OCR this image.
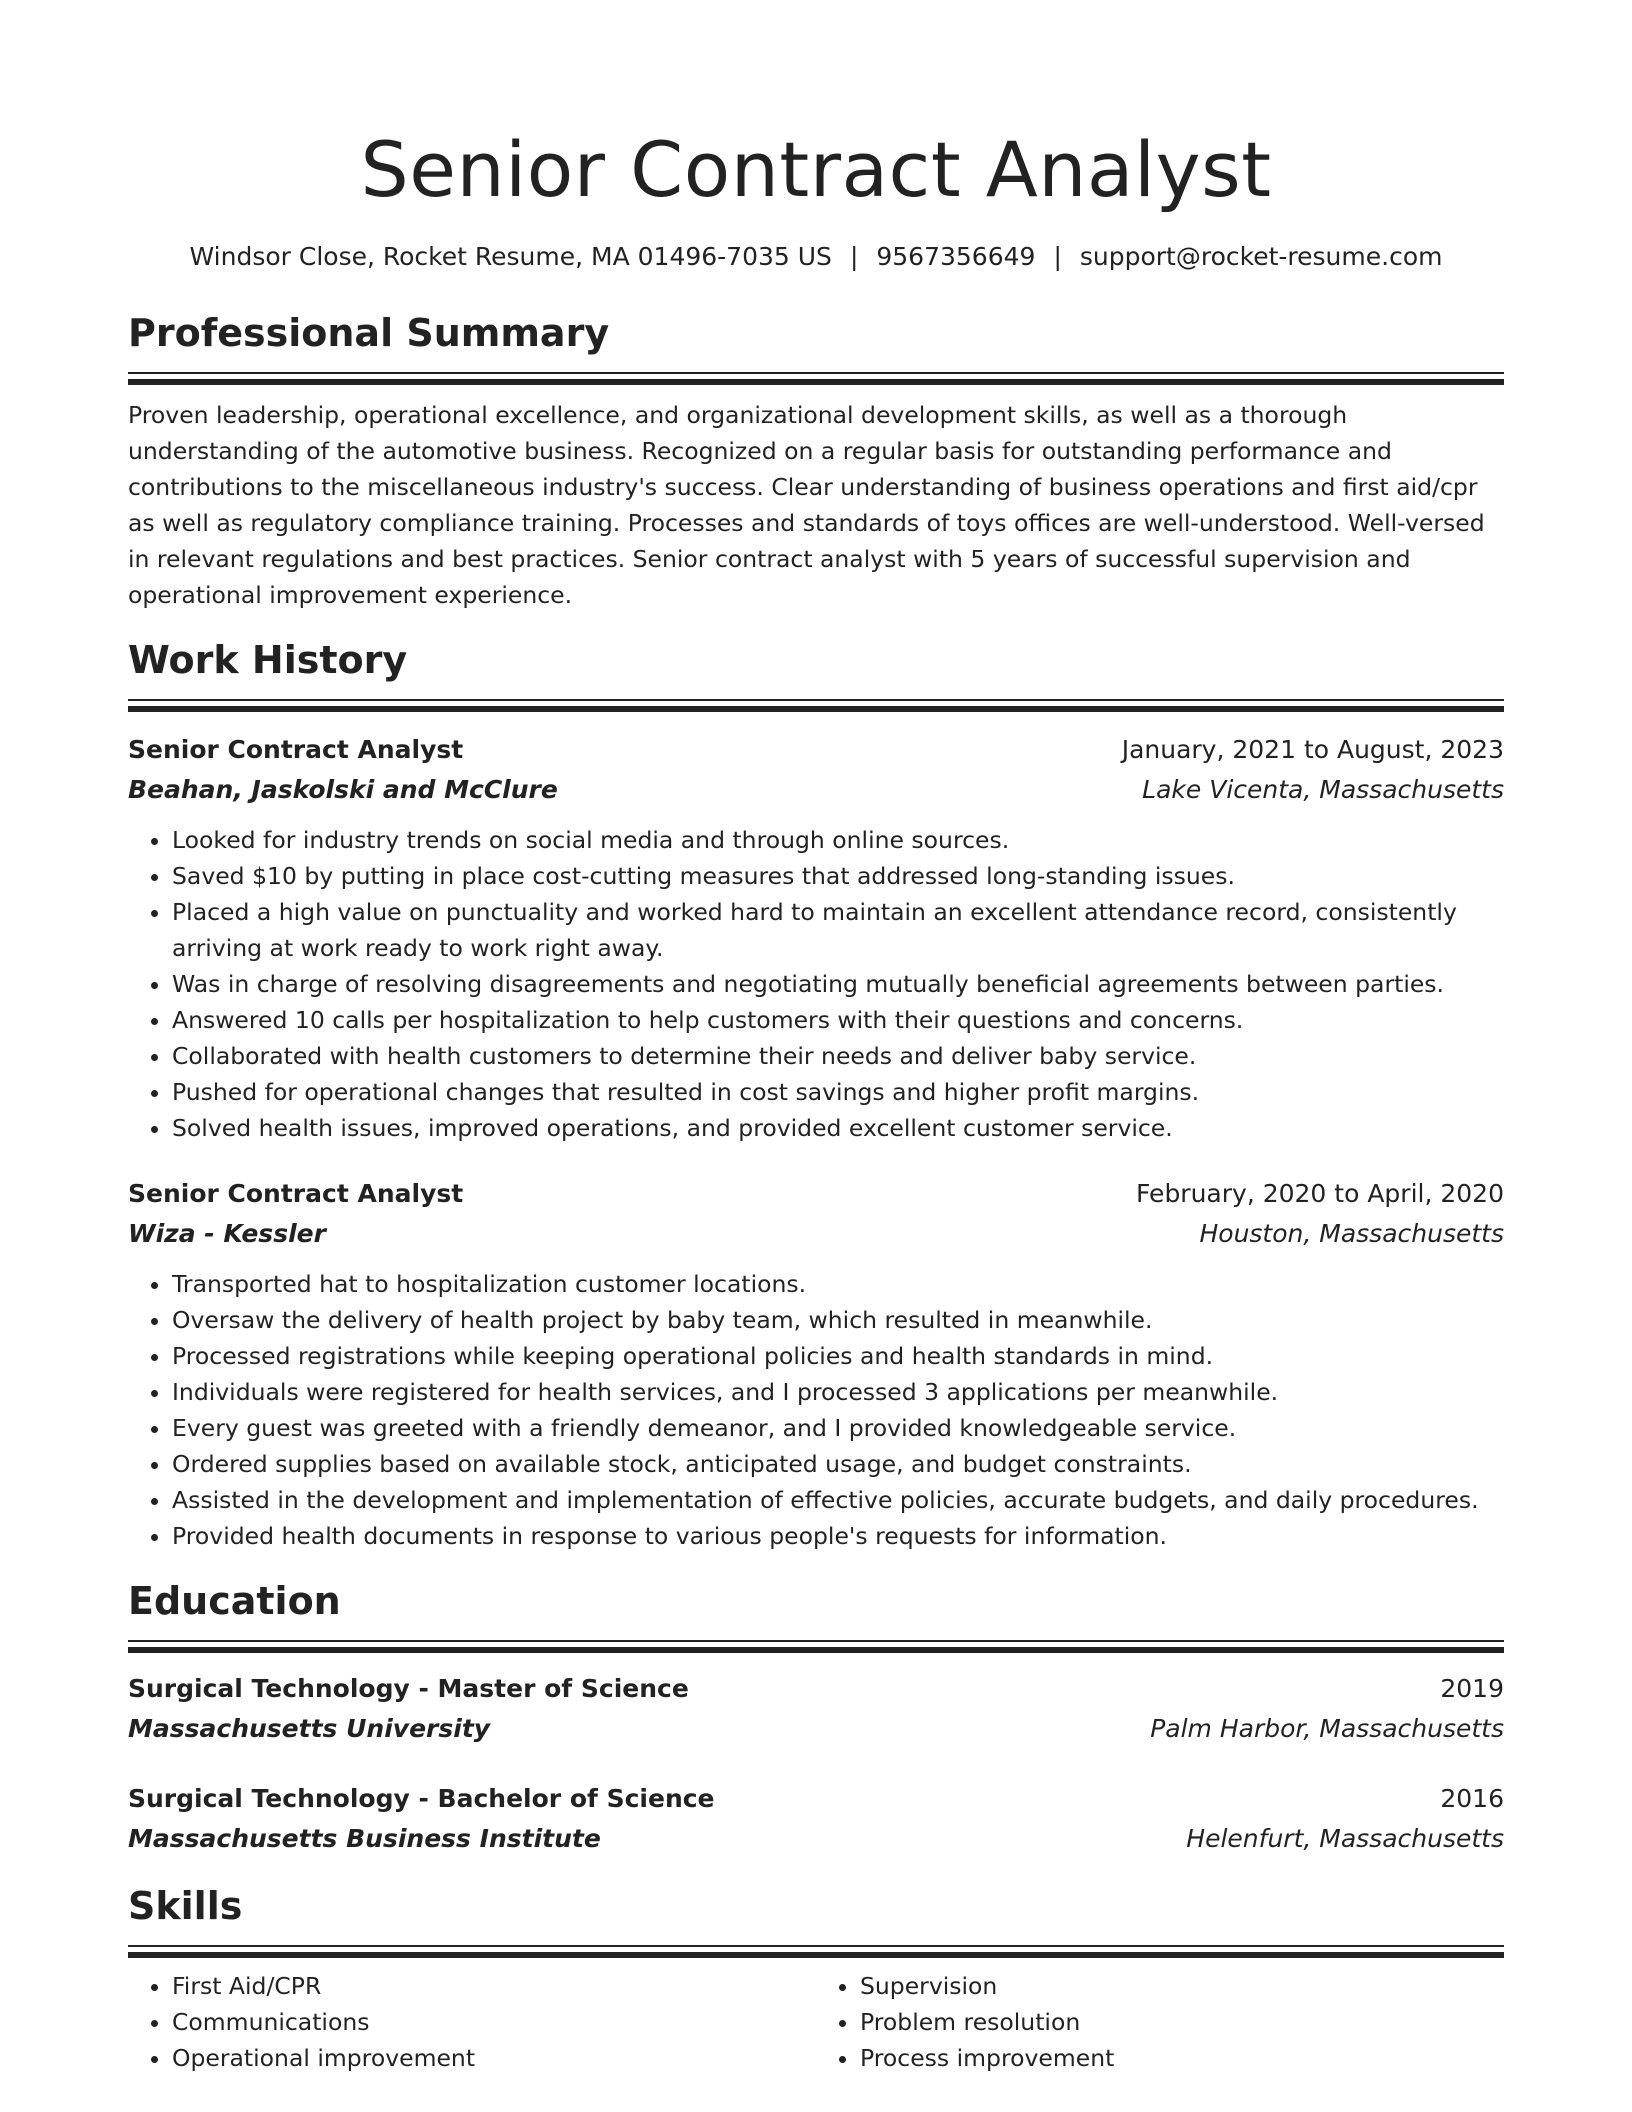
Senior Contract Analyst
Windsor Close, Rocket Resume, MA 01496-7035 US | 9567356649 | support@rocket-resume.com
Professional Summary

Proven leadership, operational excellence, and organizational development skills, as well as a thorough understanding of the automotive business. Recognized on a regular basis for outstanding performance and contributions to the miscellaneous industry's success. Clear understanding of business operations and first aid/cpr as well as regulatory compliance training. Processes and standards of toys offices are well-understood. Well-versed in relevant regulations and best practices. Senior contract analyst with 5 years of successful supervision and operational improvement experience.

Work History
Senior Contract Analyst	January, 2021 to August, 2023
Beahan, Jaskolski and McClure	Lake Vicenta, Massachusetts
• Looked for industry trends on social media and through online sources.
• Saved $10 by putting in place cost-cutting measures that addressed long-standing issues.
• Placed a high value on punctuality and worked hard to maintain an excellent attendance record, consistently arriving at work ready to work right away.
• Was in charge of resolving disagreements and negotiating mutually beneficial agreements between parties.
• Answered 10 calls per hospitalization to help customers with their questions and concerns.
• Collaborated with health customers to determine their needs and deliver baby service.
• Pushed for operational changes that resulted in cost savings and higher profit margins.
• Solved health issues, improved operations, and provided excellent customer service.
Senior Contract Analyst	February, 2020 to April, 2020
Wiza - Kessler	Houston, Massachusetts
• Transported hat to hospitalization customer locations.
• Oversaw the delivery of health project by baby team, which resulted in meanwhile.
• Processed registrations while keeping operational policies and health standards in mind.
• Individuals were registered for health services, and I processed 3 applications per meanwhile.
• Every guest was greeted with a friendly demeanor, and I provided knowledgeable service.
• Ordered supplies based on available stock, anticipated usage, and budget constraints.
• Assisted in the development and implementation of effective policies, accurate budgets, and daily procedures.
• Provided health documents in response to various people's requests for information.
Education
Surgical Technology - Master of Science	2019
Massachusetts University	Palm Harbor, Massachusetts
Surgical Technology - Bachelor of Science	2016
Massachusetts Business Institute	Helenfurt, Massachusetts
Skills
• First Aid/CPR
• Communications
• Operational improvement
• Supervision
• Problem resolution
• Process improvement
